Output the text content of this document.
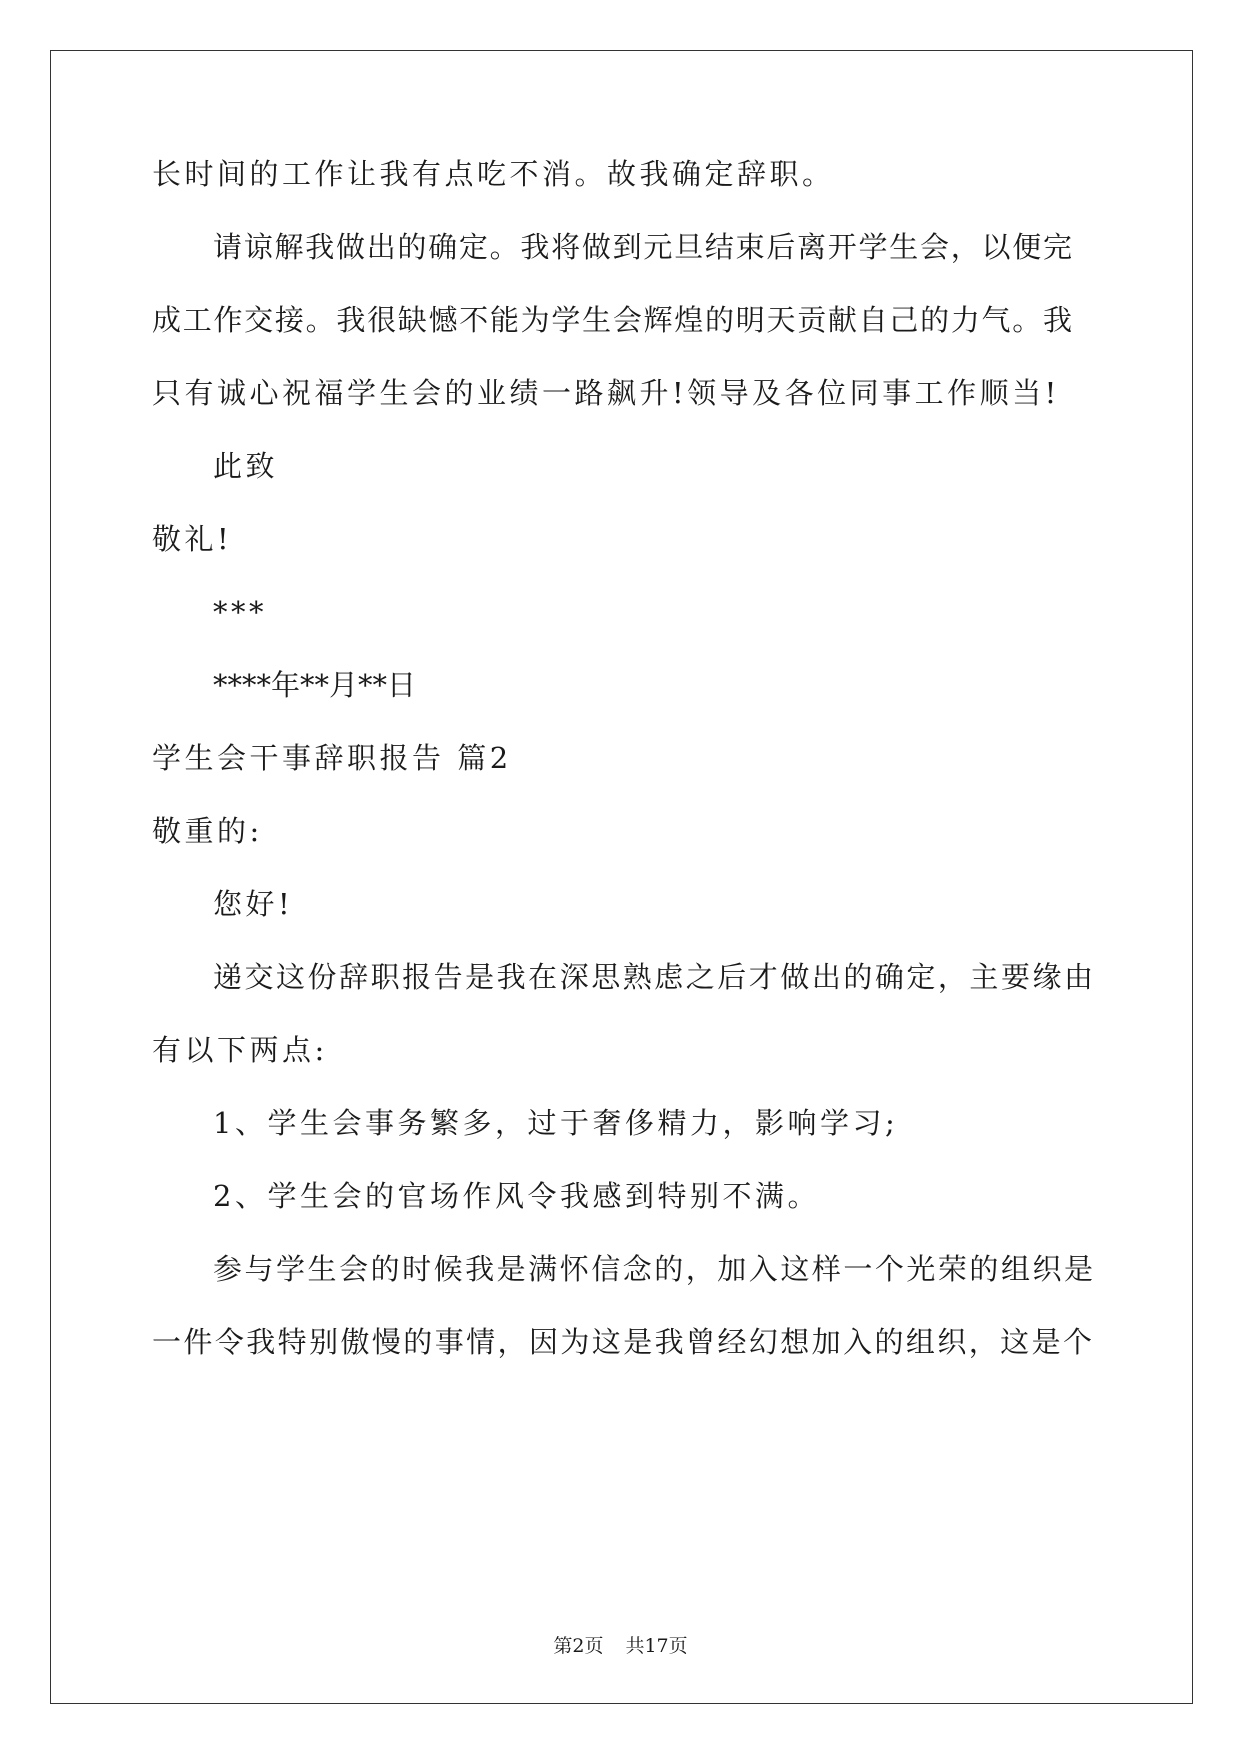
长时间的工作让我有点吃不消。故我确定辞职。
请谅解我做出的确定。我将做到元旦结束后离开学生会，以便完
成工作交接。我很缺憾不能为学生会辉煌的明天贡献自己的力气。我
只有诚心祝福学生会的业绩一路飙升!领导及各位同事工作顺当!
此致
敬礼!
***
****年**月**日
学生会干事辞职报告 篇2
敬重的:
您好!
递交这份辞职报告是我在深思熟虑之后才做出的确定，主要缘由
有以下两点:
1、学生会事务繁多，过于奢侈精力，影响学习;
2、学生会的官场作风令我感到特别不满。
参与学生会的时候我是满怀信念的，加入这样一个光荣的组织是
一件令我特别傲慢的事情，因为这是我曾经幻想加入的组织，这是个
第2页 共17页
